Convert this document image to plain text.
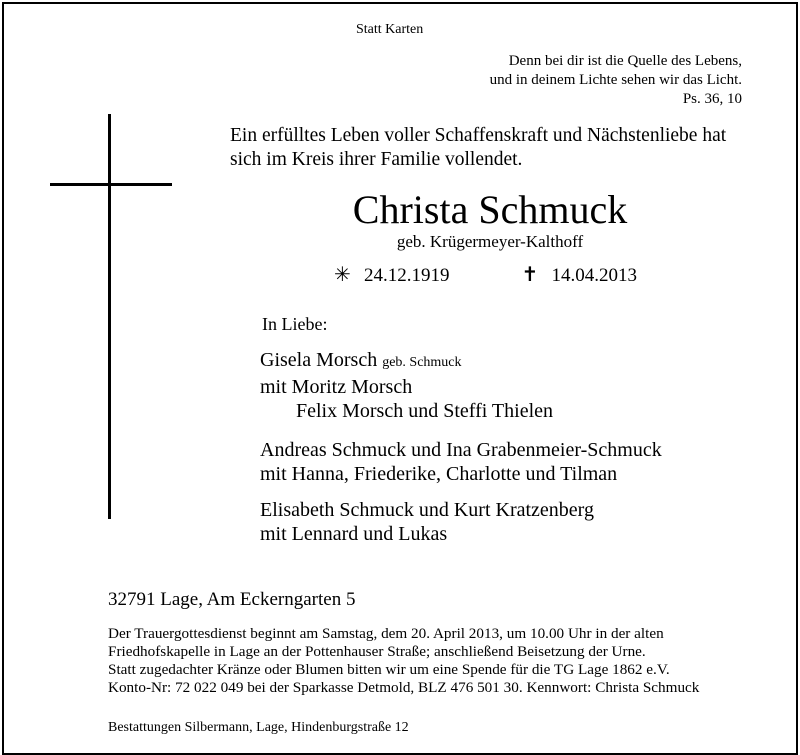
Statt Karten
Denn bei dir ist die Quelle des Lebens,
und in deinem Lichte sehen wir das Licht.
Ps. 36, 10
Ein erfülltes Leben voller Schaffenskraft und Nächstenliebe hat
sich im Kreis ihrer Familie vollendet.
Christa Schmuck
geb. Krügermeyer-Kalthoff
✳ 24.12.1919	✝ 14.04.2013
In Liebe:
Gisela Morsch geb. Schmuck
mit Moritz Morsch
Felix Morsch und Steffi Thielen
Andreas Schmuck und Ina Grabenmeier-Schmuck
mit Hanna, Friederike, Charlotte und Tilman
Elisabeth Schmuck und Kurt Kratzenberg
mit Lennard und Lukas
32791 Lage, Am Eckerngarten 5
Der Trauergottesdienst beginnt am Samstag, dem 20. April 2013, um 10.00 Uhr in der alten
Friedhofskapelle in Lage an der Pottenhauser Straße; anschließend Beisetzung der Urne.
Statt zugedachter Kränze oder Blumen bitten wir um eine Spende für die TG Lage 1862 e.V.
Konto-Nr: 72 022 049 bei der Sparkasse Detmold, BLZ 476 501 30. Kennwort: Christa Schmuck
Bestattungen Silbermann, Lage, Hindenburgstraße 12
